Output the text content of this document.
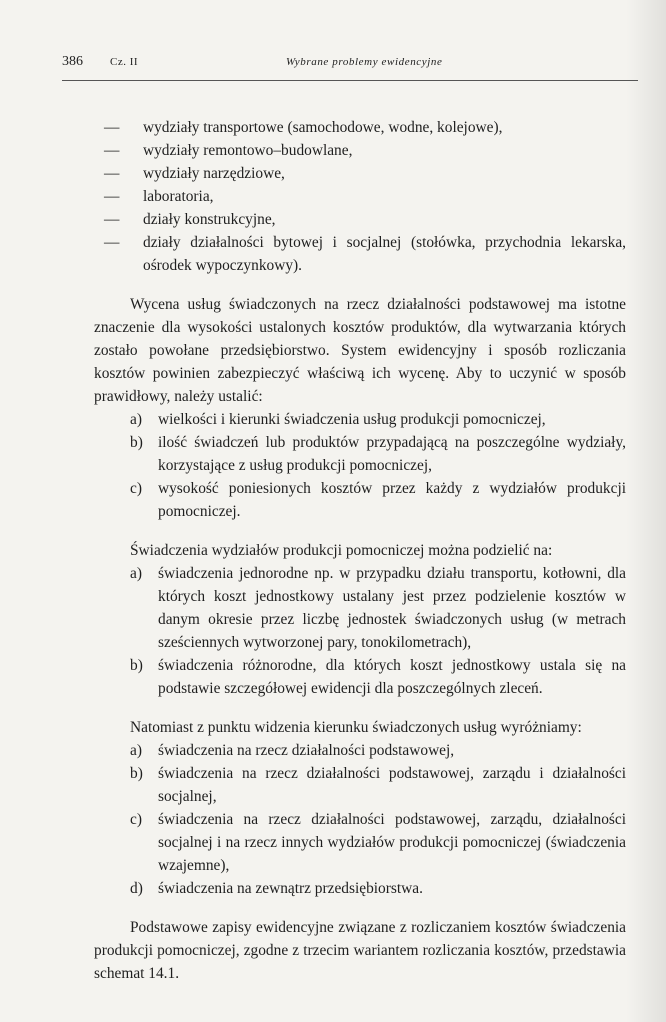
386 Cz. II	Wybrane problemy ewidencyjne
— wydziały transportowe (samochodowe, wodne, kolejowe),
— wydziały remontowo–budowlane,
— wydziały narzędziowe,
— laboratoria,
— działy konstrukcyjne,
— działy działalności bytowej i socjalnej (stołówka, przychodnia lekarska, ośrodek wypoczynkowy).

Wycena usług świadczonych na rzecz działalności podstawowej ma istotne znaczenie dla wysokości ustalonych kosztów produktów, dla wytwarzania których zostało powołane przedsiębiorstwo. System ewidencyjny i sposób rozliczania kosztów powinien zabezpieczyć właściwą ich wycenę. Aby to uczynić w sposób prawidłowy, należy ustalić:

a) wielkości i kierunki świadczenia usług produkcji pomocniczej,
b) ilość świadczeń lub produktów przypadającą na poszczególne wydziały, korzystające z usług produkcji pomocniczej,
c) wysokość poniesionych kosztów przez każdy z wydziałów produkcji pomocniczej.

Świadczenia wydziałów produkcji pomocniczej można podzielić na:

a) świadczenia jednorodne np. w przypadku działu transportu, kotłowni, dla których koszt jednostkowy ustalany jest przez podzielenie kosztów w danym okresie przez liczbę jednostek świadczonych usług (w metrach sześciennych wytworzonej pary, tonokilometrach),
b) świadczenia różnorodne, dla których koszt jednostkowy ustala się na podstawie szczegółowej ewidencji dla poszczególnych zleceń.

Natomiast z punktu widzenia kierunku świadczonych usług wyróżniamy:

a) świadczenia na rzecz działalności podstawowej,
b) świadczenia na rzecz działalności podstawowej, zarządu i działalności socjalnej,
c) świadczenia na rzecz działalności podstawowej, zarządu, działalności socjalnej i na rzecz innych wydziałów produkcji pomocniczej (świadczenia wzajemne),
d) świadczenia na zewnątrz przedsiębiorstwa.

Podstawowe zapisy ewidencyjne związane z rozliczaniem kosztów świadczenia produkcji pomocniczej, zgodne z trzecim wariantem rozliczania kosztów, przedstawia schemat 14.1.
